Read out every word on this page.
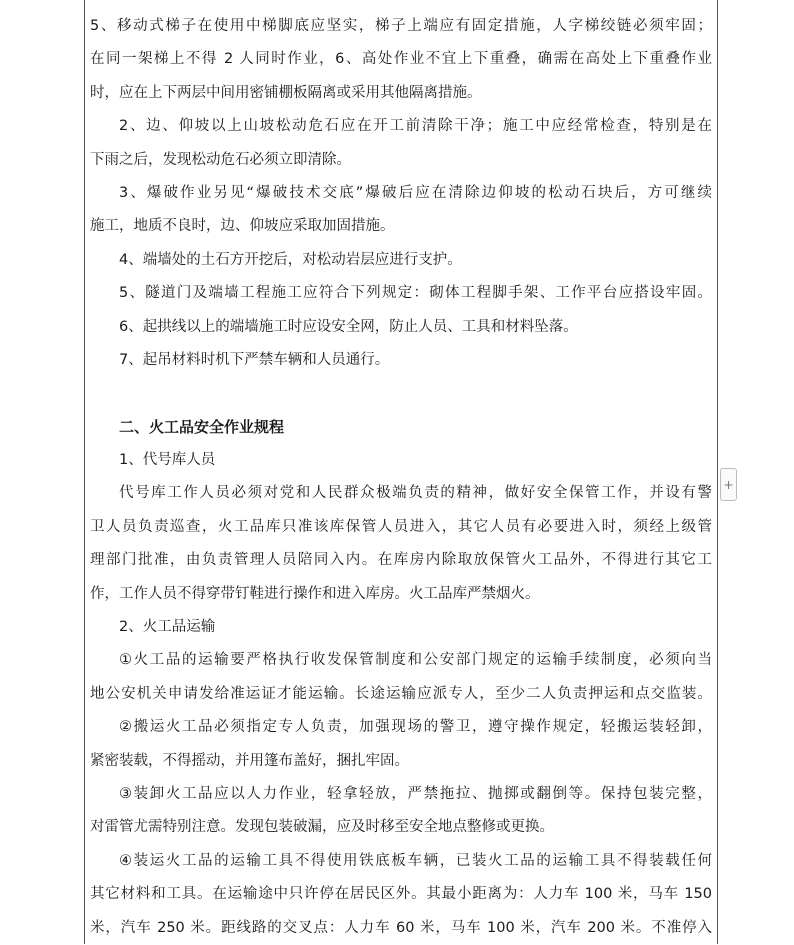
5、移动式梯子在使用中梯脚底应坚实，梯子上端应有固定措施，人字梯绞链必须牢固；
在同一架梯上不得 2 人同时作业，6、高处作业不宜上下重叠，确需在高处上下重叠作业
时，应在上下两层中间用密铺棚板隔离或采用其他隔离措施。
2、边、仰坡以上山坡松动危石应在开工前清除干净；施工中应经常检查，特别是在
下雨之后，发现松动危石必须立即清除。
3、爆破作业另见“爆破技术交底”爆破后应在清除边仰坡的松动石块后，方可继续
施工，地质不良时，边、仰坡应采取加固措施。
4、端墙处的土石方开挖后，对松动岩层应进行支护。
5、隧道门及端墙工程施工应符合下列规定：砌体工程脚手架、工作平台应搭设牢固。
6、起拱线以上的端墙施工时应设安全网，防止人员、工具和材料坠落。
7、起吊材料时机下严禁车辆和人员通行。
二、火工品安全作业规程
1、代号库人员
代号库工作人员必须对党和人民群众极端负责的精神，做好安全保管工作，并设有警
卫人员负责巡查，火工品库只准该库保管人员进入，其它人员有必要进入时，须经上级管
理部门批准，由负责管理人员陪同入内。在库房内除取放保管火工品外，不得进行其它工
作，工作人员不得穿带钉鞋进行操作和进入库房。火工品库严禁烟火。
2、火工品运输
①火工品的运输要严格执行收发保管制度和公安部门规定的运输手续制度，必须向当
地公安机关申请发给准运证才能运输。长途运输应派专人，至少二人负责押运和点交监装。
②搬运火工品必须指定专人负责，加强现场的警卫，遵守操作规定，轻搬运装轻卸，
紧密装载，不得摇动，并用篷布盖好，捆扎牢固。
③装卸火工品应以人力作业，轻拿轻放，严禁拖拉、抛掷或翻倒等。保持包装完整，
对雷管尤需特别注意。发现包装破漏，应及时移至安全地点整修或更换。
④装运火工品的运输工具不得使用铁底板车辆，已装火工品的运输工具不得装载任何
其它材料和工具。在运输途中只许停在居民区外。其最小距离为：人力车 100 米，马车 150
米，汽车 250 米。距线路的交叉点：人力车 60 米，马车 100 米，汽车 200 米。不准停入
+
